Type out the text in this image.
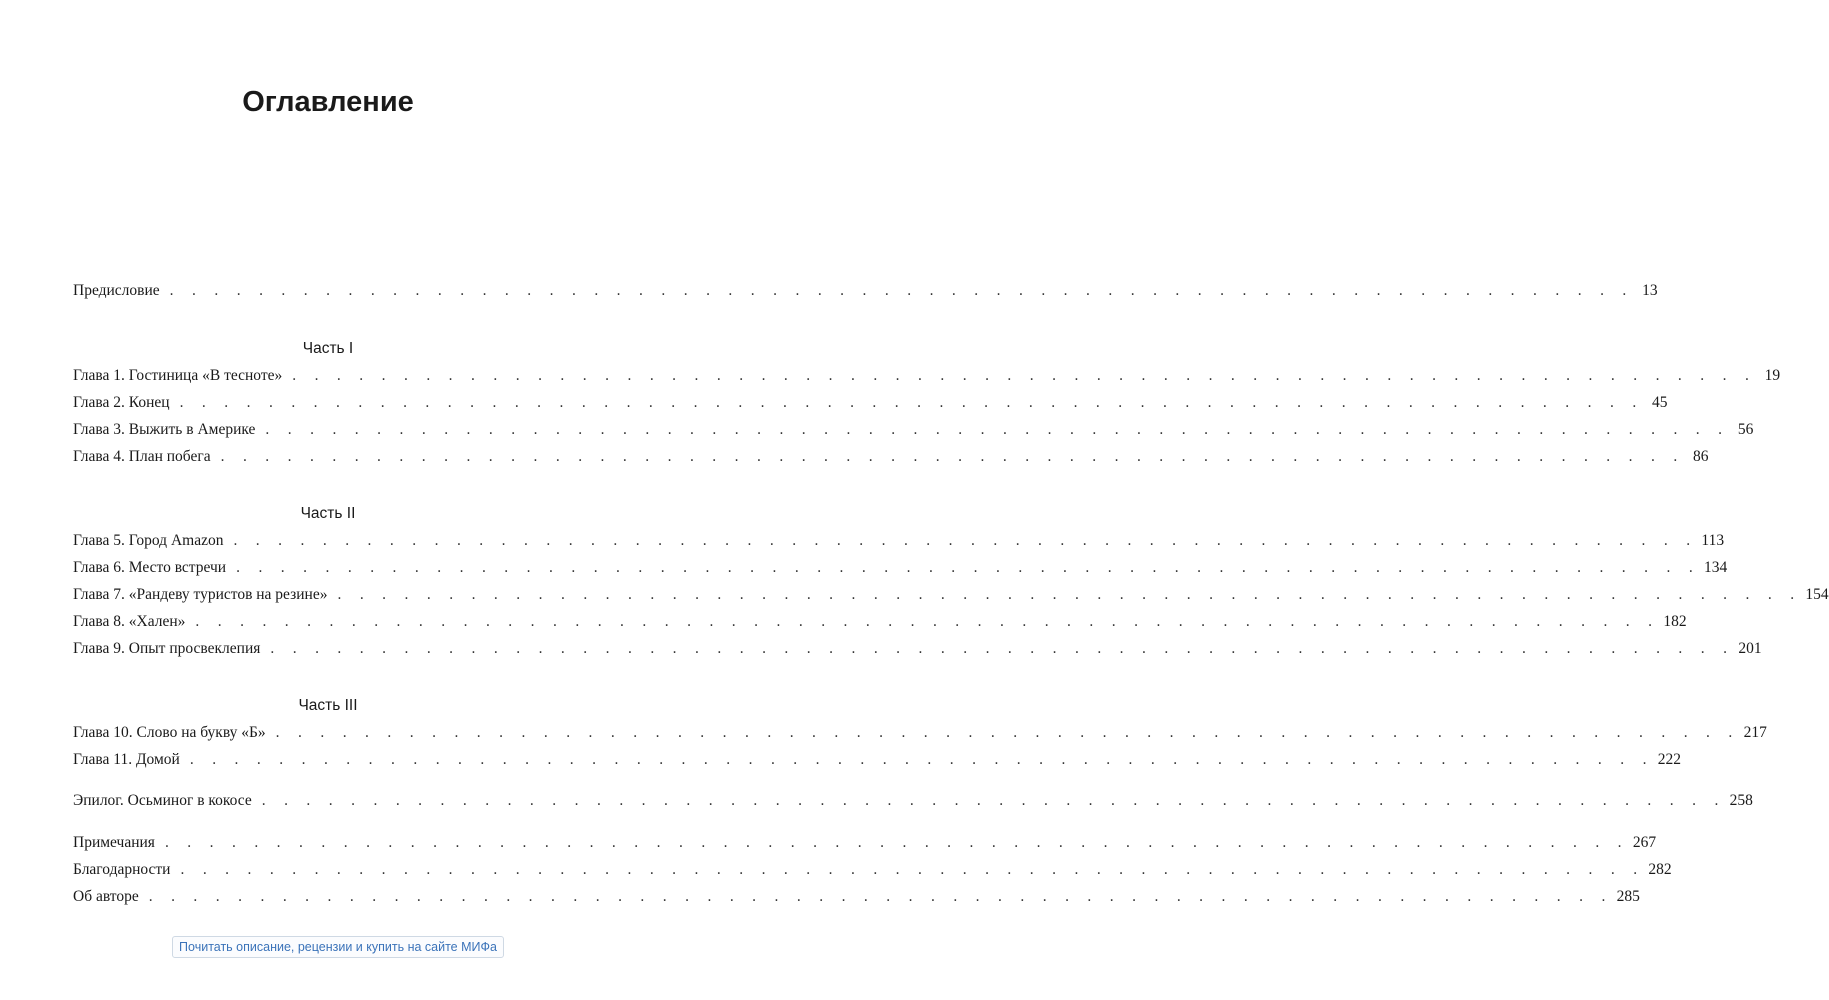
Оглавление
Предисловие . . . . . . . . . . . . . . . . . . . . . . . . . . . . . . . . . . . . . . . . . . . . . . . . . . . . . . . . . . . . . . . . . . 13
Часть I
Глава 1. Гостиница «В тесноте» . . . . . . . . . . . . . . . . . . . . . . . . . . . . . . . . . . . . . . . . . . . . . . . . . . . . . . . . . . . . . . . . . . 19
Глава 2. Конец . . . . . . . . . . . . . . . . . . . . . . . . . . . . . . . . . . . . . . . . . . . . . . . . . . . . . . . . . . . . . . . . . . 45
Глава 3. Выжить в Америке . . . . . . . . . . . . . . . . . . . . . . . . . . . . . . . . . . . . . . . . . . . . . . . . . . . . . . . . . . . . . . . . . . 56
Глава 4. План побега . . . . . . . . . . . . . . . . . . . . . . . . . . . . . . . . . . . . . . . . . . . . . . . . . . . . . . . . . . . . . . . . . . 86
Часть II
Глава 5. Город Amazon . . . . . . . . . . . . . . . . . . . . . . . . . . . . . . . . . . . . . . . . . . . . . . . . . . . . . . . . . . . . . . . . . . 113
Глава 6. Место встречи . . . . . . . . . . . . . . . . . . . . . . . . . . . . . . . . . . . . . . . . . . . . . . . . . . . . . . . . . . . . . . . . . . 134
Глава 7. «Рандеву туристов на резине» . . . . . . . . . . . . . . . . . . . . . . . . . . . . . . . . . . . . . . . . . . . . . . . . . . . . . . . . . . . . . . . . . . 154
Глава 8. «Хален» . . . . . . . . . . . . . . . . . . . . . . . . . . . . . . . . . . . . . . . . . . . . . . . . . . . . . . . . . . . . . . . . . . 182
Глава 9. Опыт просвеклепия . . . . . . . . . . . . . . . . . . . . . . . . . . . . . . . . . . . . . . . . . . . . . . . . . . . . . . . . . . . . . . . . . . 201
Часть III
Глава 10. Слово на букву «Б» . . . . . . . . . . . . . . . . . . . . . . . . . . . . . . . . . . . . . . . . . . . . . . . . . . . . . . . . . . . . . . . . . . 217
Глава 11. Домой . . . . . . . . . . . . . . . . . . . . . . . . . . . . . . . . . . . . . . . . . . . . . . . . . . . . . . . . . . . . . . . . . . 222
Эпилог. Осьминог в кокосе . . . . . . . . . . . . . . . . . . . . . . . . . . . . . . . . . . . . . . . . . . . . . . . . . . . . . . . . . . . . . . . . . . 258
Примечания . . . . . . . . . . . . . . . . . . . . . . . . . . . . . . . . . . . . . . . . . . . . . . . . . . . . . . . . . . . . . . . . . . 267
Благодарности . . . . . . . . . . . . . . . . . . . . . . . . . . . . . . . . . . . . . . . . . . . . . . . . . . . . . . . . . . . . . . . . . . 282
Об авторе . . . . . . . . . . . . . . . . . . . . . . . . . . . . . . . . . . . . . . . . . . . . . . . . . . . . . . . . . . . . . . . . . . 285
Почитать описание, рецензии и купить на сайте МИФа
